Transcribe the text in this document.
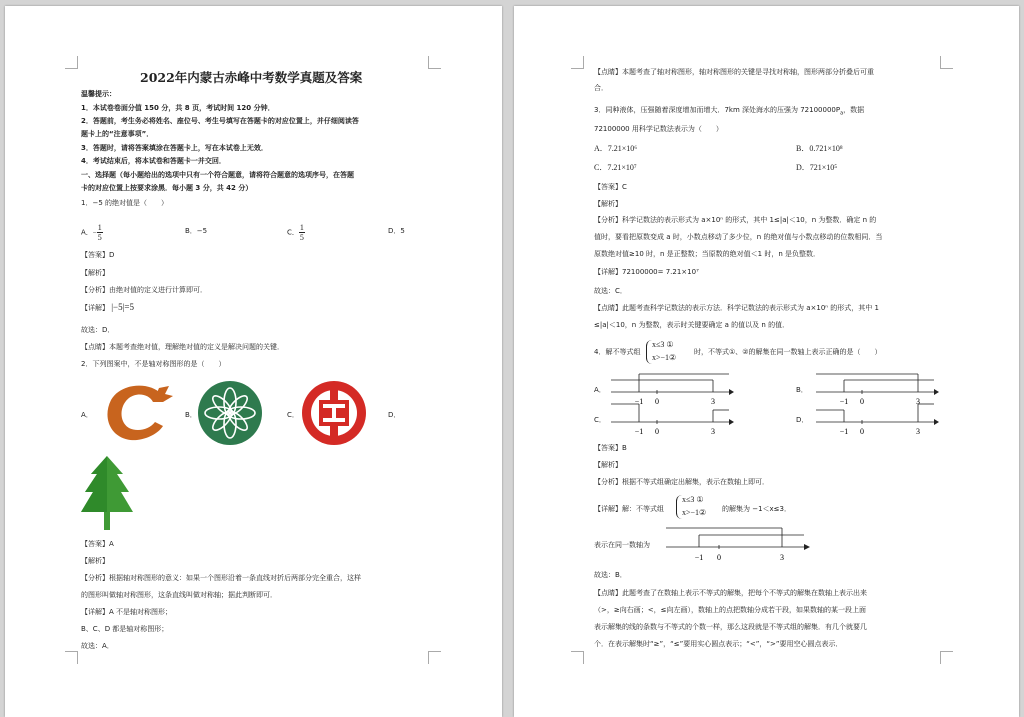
2022年内蒙古赤峰中考数学真题及答案
温馨提示：
1．本试卷卷面分值 150 分，共 8 页，考试时间 120 分钟．
2．答题前，考生务必将姓名、座位号、考生号填写在答题卡的对应位置上，并仔细阅读答
题卡上的“注意事项”．
3．答题时，请将答案填涂在答题卡上，写在本试卷上无效．
4．考试结束后，将本试卷和答题卡一并交回．
一、选择题（每小题给出的选项中只有一个符合题意，请将符合题意的选项序号，在答题
卡的对应位置上按要求涂黑．每小题 3 分，共 42 分）
1．−5 的绝对值是（　　）
A．− $\frac{1}{5}$	B．−5	C． $\frac{1}{5}$	D．5
【答案】D
【解析】
【分析】由绝对值的定义进行计算即可．
【详解】 |−5|=5
故选：D．
【点睛】本题考查绝对值，理解绝对值的定义是解决问题的关键．
2．下列图案中，不是轴对称图形的是（　　）
A．	B．	C．	D．
【答案】A
【解析】
【分析】根据轴对称图形的意义：如果一个图形沿着一条直线对折后两部分完全重合，这样
的图形叫做轴对称图形，这条直线叫做对称轴；据此判断即可．
【详解】A 不是轴对称图形；
B、C、D 都是轴对称图形；
故选：A．
【点睛】本题考查了轴对称图形，轴对称图形的关键是寻找对称轴，图形两部分折叠后可重
合．
3．同种液体，压强随着深度增加而增大．7km 深处海水的压强为 $72100000P_a$，数据
72100000 用科学记数法表示为（　　）
A．7.21×10⁶	B．0.721×10⁸
C．7.21×10⁷	D．721×10⁵
【答案】C
【解析】
【分析】科学记数法的表示形式为 a×10ⁿ 的形式，其中 1≤|a|＜10，n 为整数．确定 n 的
值时，要看把原数变成 a 时，小数点移动了多少位，n 的绝对值与小数点移动的位数相同．当
原数绝对值≥10 时，n 是正整数；当原数的绝对值＜1 时，n 是负整数．
【详解】72100000= 7.21×10⁷
故选：C．
【点睛】此题考查科学记数法的表示方法．科学记数法的表示形式为 a×10ⁿ 的形式，其中 1
≤|a|＜10，n 为整数，表示时关键要确定 a 的值以及 n 的值．
4．解不等式组
x≤3 ①
x>−1②
时，不等式①、②的解集在同一数轴上表示正确的是（　　）
A．
−1 0	3
B．
−1 0	3
C．
−1 0	3
D．
−1 0	3
【答案】B
【解析】
【分析】根据不等式组确定出解集，表示在数轴上即可．
【详解】解：不等式组
x≤3 ①
x>−1② 的解集为 −1＜x≤3．
表示在同一数轴为
−1 0	3
故选：B．
【点睛】此题考查了在数轴上表示不等式的解集，把每个不等式的解集在数轴上表示出来
（>，≥向右画；<，≤向左画），数轴上的点把数轴分成若干段，如果数轴的某一段上面
表示解集的线的条数与不等式的个数一样，那么这段就是不等式组的解集．有几个就要几
个．在表示解集时“≥”，“≤”要用实心圆点表示；“<”，“>”要用空心圆点表示．
